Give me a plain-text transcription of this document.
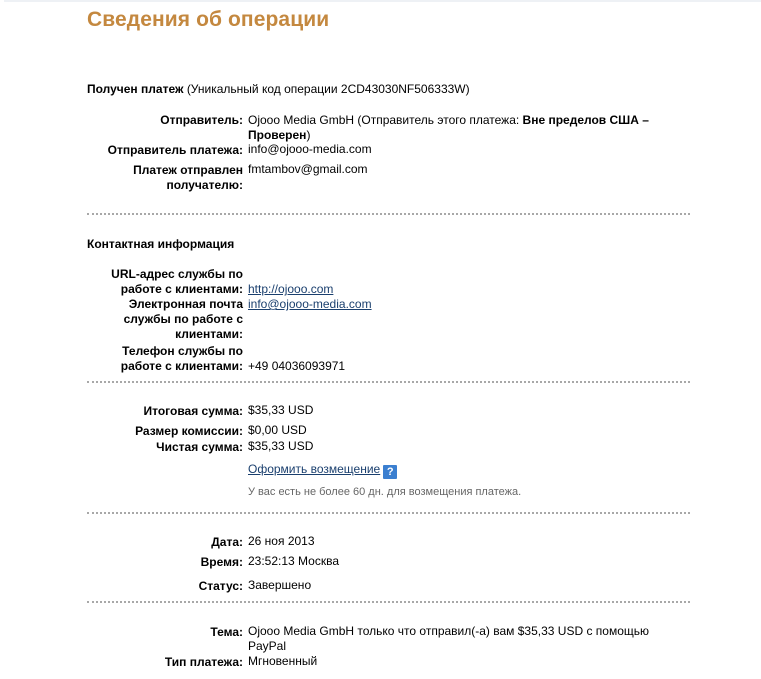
Сведения об операции
Получен платеж (Уникальный код операции 2CD43030NF506333W)
Отправитель: Ojooo Media GmbH (Отправитель этого платежа: Вне пределов США – Проверен)
Отправитель платежа: info@ojooo-media.com
Платеж отправлен получателю:
fmtambov@gmail.com
Контактная информация
URL-адрес службы по работе с клиентами: http://ojooo.com
Электронная почта службы по работе с клиентами:
info@ojooo-media.com
Телефон службы по работе с клиентами: +49 04036093971
Итоговая сумма: $35,33 USD
Размер комиссии: $0,00 USD
Чистая сумма: $35,33 USD
Оформить возмещение ?
У вас есть не более 60 дн. для возмещения платежа.
Дата: 26 ноя 2013
Время: 23:52:13 Москва
Статус: Завершено
Тема: Ojooo Media GmbH только что отправил(-а) вам $35,33 USD с помощью PayPal
Тип платежа: Мгновенный
